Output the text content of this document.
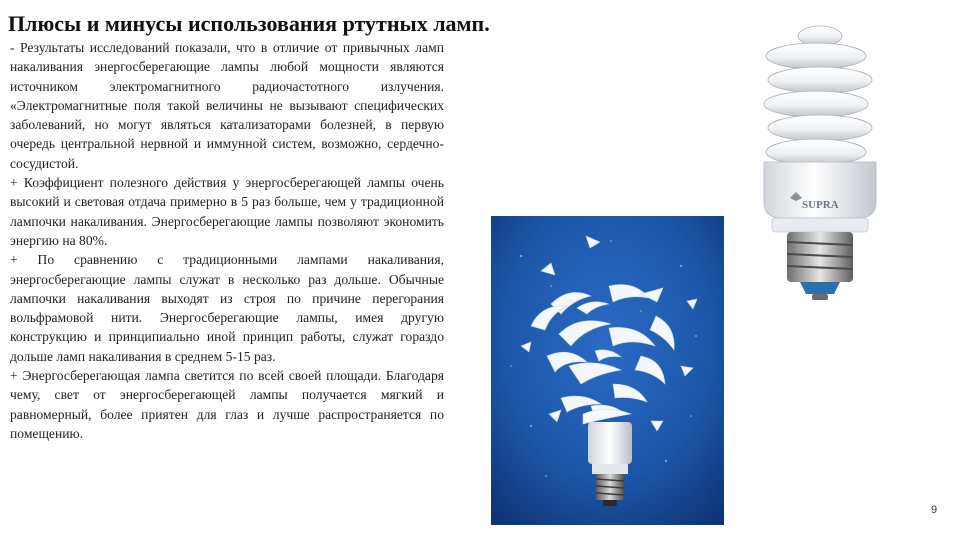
Плюсы и минусы использования ртутных ламп.

- Результаты исследований показали, что в отличие от привычных ламп накаливания энергосберегающие лампы любой мощности являются источником электромагнитного радиочастотного излучения. «Электромагнитные поля такой величины не вызывают специфических заболеваний, но могут являться катализаторами болезней, в первую очередь центральной нервной и иммунной систем, возможно, сердечно-сосудистой.

+ Коэффициент полезного действия у энергосберегающей лампы очень высокий и световая отдача примерно в 5 раз больше, чем у традиционной лампочки накаливания. Энергосберегающие лампы позволяют экономить энергию на 80%.

+ По сравнению с традиционными лампами накаливания, энергосберегающие лампы служат в несколько раз дольше. Обычные лампочки накаливания выходят из строя по причине перегорания вольфрамовой нити. Энергосберегающие лампы, имея другую конструкцию и принципиально иной принцип работы, служат гораздо дольше ламп накаливания в среднем 5-15 раз.

+ Энергосберегающая лампа светится по всей своей площади. Благодаря чему, свет от энергосберегающей лампы получается мягкий и равномерный, более приятен для глаз и лучше распространяется по помещению.

SUPRA
9
